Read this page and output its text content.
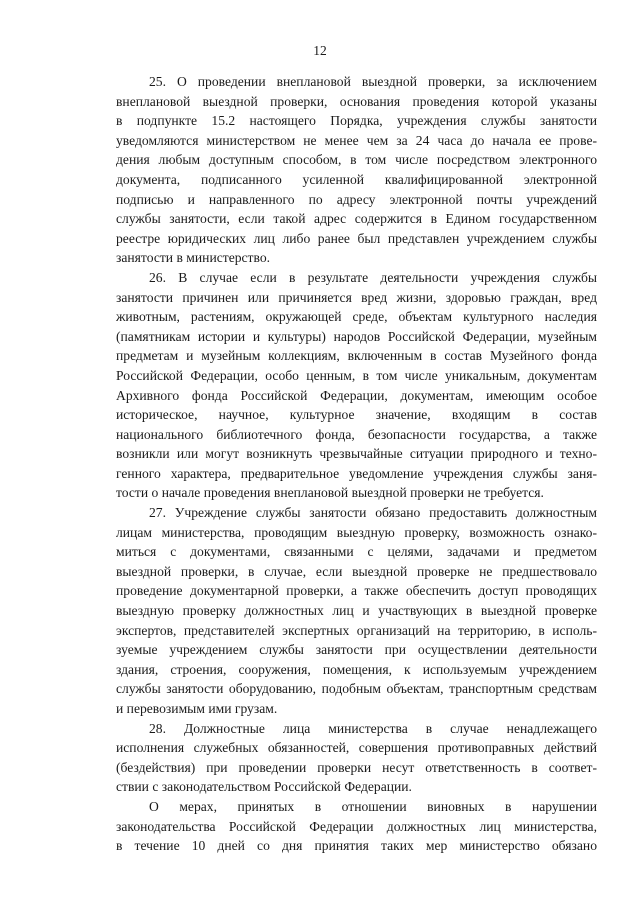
12
25. О проведении внеплановой выездной проверки, за исключением
внеплановой выездной проверки, основания проведения которой указаны
в подпункте 15.2 настоящего Порядка, учреждения службы занятости
уведомляются министерством не менее чем за 24 часа до начала ее прове-
дения любым доступным способом, в том числе посредством электронного
документа, подписанного усиленной квалифицированной электронной
подписью и направленного по адресу электронной почты учреждений
службы занятости, если такой адрес содержится в Едином государственном
реестре юридических лиц либо ранее был представлен учреждением службы
занятости в министерство.
26. В случае если в результате деятельности учреждения службы
занятости причинен или причиняется вред жизни, здоровью граждан, вред
животным, растениям, окружающей среде, объектам культурного наследия
(памятникам истории и культуры) народов Российской Федерации, музейным
предметам и музейным коллекциям, включенным в состав Музейного фонда
Российской Федерации, особо ценным, в том числе уникальным, документам
Архивного фонда Российской Федерации, документам, имеющим особое
историческое, научное, культурное значение, входящим в состав
национального библиотечного фонда, безопасности государства, а также
возникли или могут возникнуть чрезвычайные ситуации природного и техно-
генного характера, предварительное уведомление учреждения службы заня-
тости о начале проведения внеплановой выездной проверки не требуется.
27. Учреждение службы занятости обязано предоставить должностным
лицам министерства, проводящим выездную проверку, возможность ознако-
миться с документами, связанными с целями, задачами и предметом
выездной проверки, в случае, если выездной проверке не предшествовало
проведение документарной проверки, а также обеспечить доступ проводящих
выездную проверку должностных лиц и участвующих в выездной проверке
экспертов, представителей экспертных организаций на территорию, в исполь-
зуемые учреждением службы занятости при осуществлении деятельности
здания, строения, сооружения, помещения, к используемым учреждением
службы занятости оборудованию, подобным объектам, транспортным средствам
и перевозимым ими грузам.
28. Должностные лица министерства в случае ненадлежащего
исполнения служебных обязанностей, совершения противоправных действий
(бездействия) при проведении проверки несут ответственность в соответ-
ствии с законодательством Российской Федерации.
О мерах, принятых в отношении виновных в нарушении
законодательства Российской Федерации должностных лиц министерства,
в течение 10 дней со дня принятия таких мер министерство обязано
